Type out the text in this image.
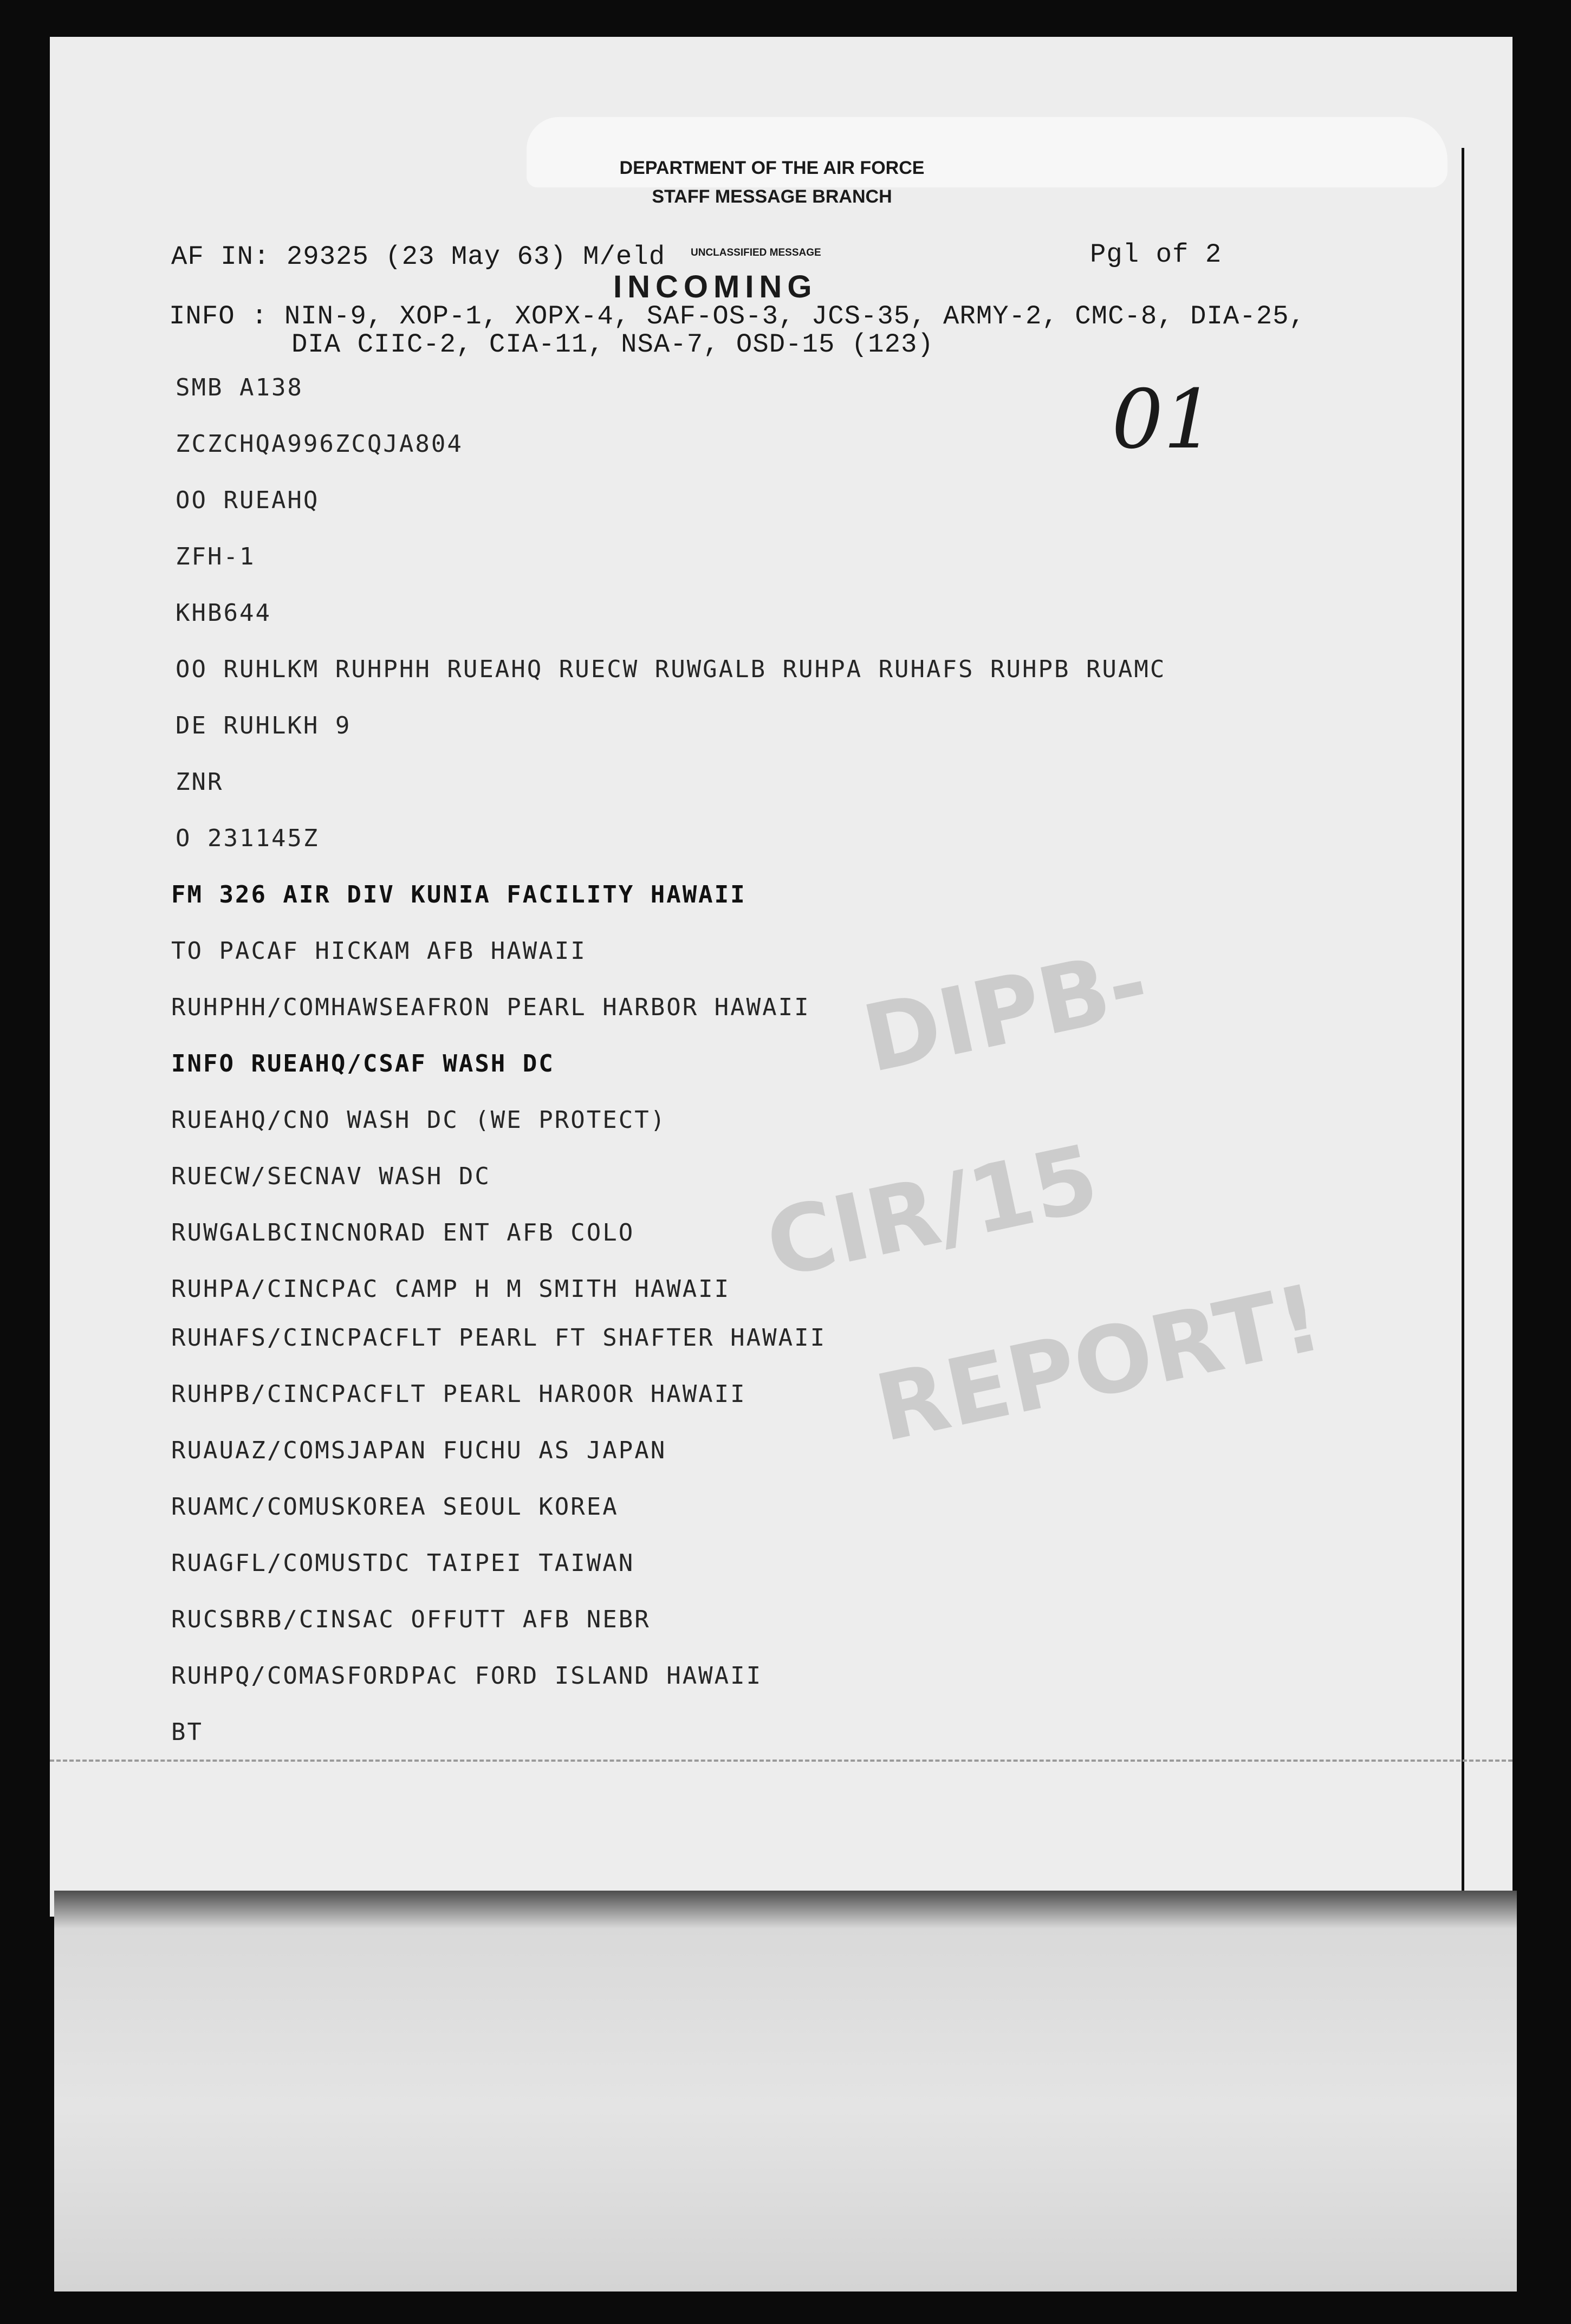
DEPARTMENT OF THE AIR FORCE

STAFF MESSAGE BRANCH

UNCLASSIFIED MESSAGE

INCOMING

AF IN: 29325 (23 May 63) M/eld	Pgl of 2

INFO : NIN-9, XOP-1, XOPX-4, SAF-OS-3, JCS-35, ARMY-2, CMC-8, DIA-25,

DIA CIIC-2, CIA-11, NSA-7, OSD-15 (123)

01

DIPB-

CIR/15

REPORT!

SMB A138

ZCZCHQA996ZCQJA804

OO RUEAHQ

ZFH-1

KHB644

OO RUHLKM RUHPHH RUEAHQ RUECW RUWGALB RUHPA RUHAFS RUHPB RUAMC

DE RUHLKH 9

ZNR

O 231145Z

FM 326 AIR DIV KUNIA FACILITY HAWAII

TO PACAF HICKAM AFB HAWAII

RUHPHH/COMHAWSEAFRON PEARL HARBOR HAWAII

INFO RUEAHQ/CSAF WASH DC

RUEAHQ/CNO WASH DC (WE PROTECT)

RUECW/SECNAV WASH DC

RUWGALBCINCNORAD ENT AFB COLO

RUHPA/CINCPAC CAMP H M SMITH HAWAII

RUHAFS/CINCPACFLT PEARL FT SHAFTER HAWAII

RUHPB/CINCPACFLT PEARL HAROOR HAWAII

RUAUAZ/COMSJAPAN FUCHU AS JAPAN

RUAMC/COMUSKOREA SEOUL KOREA

RUAGFL/COMUSTDC TAIPEI TAIWAN

RUCSBRB/CINSAC OFFUTT AFB NEBR

RUHPQ/COMASFORDPAC FORD ISLAND HAWAII

BT
